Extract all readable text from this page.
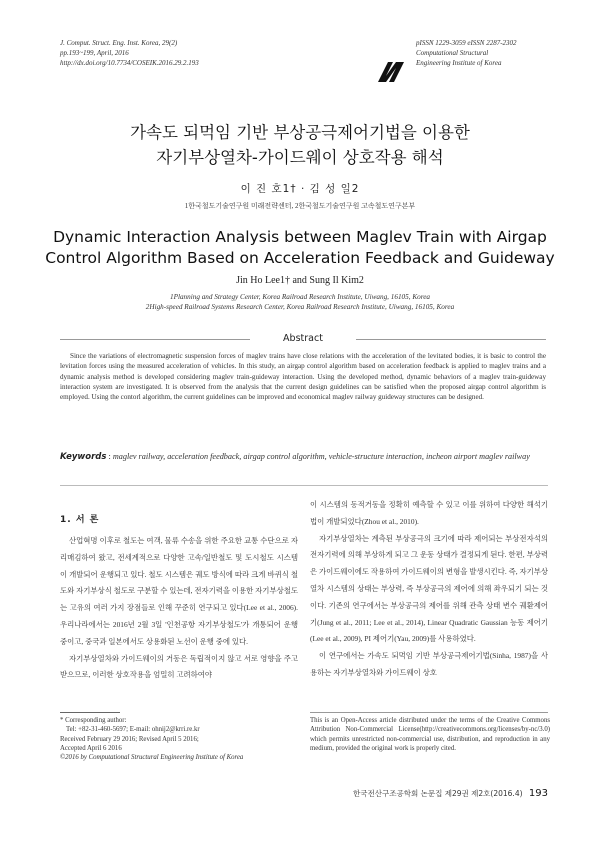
J. Comput. Struct. Eng. Inst. Korea, 29(2)
pp.193~199, April, 2016
http://dx.doi.org/10.7734/COSEIK.2016.29.2.193
pISSN 1229-3059 eISSN 2287-2302
Computational Structural
Engineering Institute of Korea
가속도 되먹임 기반 부상공극제어기법을 이용한
자기부상열차-가이드웨이 상호작용 해석
이 진 호1† · 김 성 일2
1한국철도기술연구원 미래전략센터, 2한국철도기술연구원 고속철도연구본부
Dynamic Interaction Analysis between Maglev Train with Airgap
Control Algorithm Based on Acceleration Feedback and Guideway
Jin Ho Lee1† and Sung Il Kim2
1Planning and Strategy Center, Korea Railroad Research Institute, Uiwang, 16105, Korea
2High-speed Railroad Systems Research Center, Korea Railroad Research Institute, Uiwang, 16105, Korea
Abstract

Since the variations of electromagnetic suspension forces of maglev trains have close relations with the acceleration of the levitated bodies, it is basic to control the levitation forces using the measured acceleration of vehicles. In this study, an airgap control algorithm based on acceleration feedback is applied to maglev trains and a dynamic analysis method is developed considering maglev train-guideway interaction. Using the developed method, dynamic behaviors of a maglev train-guideway interaction system are investigated. It is observed from the analysis that the current design guidelines can be satisfied when the proposed airgap control algorithm is employed. Using the contorl algorithm, the current guidelines can be improved and economical maglev railway guideway structures can be designed.

Keywords : maglev railway, acceleration feedback, airgap control algorithm, vehicle-structure interaction, incheon airport maglev railway
1. 서 론

산업혁명 이후로 철도는 여객, 물류 수송을 위한 주요한 교통 수단으로 자리매김하여 왔고, 전세계적으로 다양한 고속/일반철도 및 도시철도 시스템이 개발되어 운행되고 있다. 철도 시스템은 궤도 방식에 따라 크게 바퀴식 철도와 자기부상식 철도로 구분할 수 있는데, 전자기력을 이용한 자기부상철도는 고유의 여러 가지 장점들로 인해 꾸준히 연구되고 있다(Lee et al., 2006). 우리나라에서는 2016년 2월 3일 '인천공항 자기부상철도'가 개통되어 운행 중이고, 중국과 일본에서도 상용화된 노선이 운행 중에 있다.

자기부상열차와 가이드웨이의 거동은 독립적이지 않고 서로 영향을 주고 받으므로, 이러한 상호작용을 엄밀히 고려하여야

이 시스템의 동적거동을 정확히 예측할 수 있고 이를 위하여 다양한 해석기법이 개발되었다(Zhou et al., 2010).

자기부상열차는 계측된 부상공극의 크기에 따라 제어되는 부상전자석의 전자기력에 의해 부상하게 되고 그 운동 상태가 결정되게 된다. 한편, 부상력은 가이드웨이에도 작용하여 가이드웨이의 변형을 발생시킨다. 즉, 자기부상열차 시스템의 상태는 부상력, 즉 부상공극의 제어에 의해 좌우되기 되는 것이다. 기존의 연구에서는 부상공극의 제어를 위해 관측 상태 변수 궤환제어기(Jung et al., 2011; Lee et al., 2014), Linear Quadratic Gaussian 능동 제어기(Lee et al., 2009), PI 제어기(Yau, 2009)를 사용하였다.

이 연구에서는 가속도 되먹임 기반 부상공극제어기법(Sinha, 1987)을 사용하는 자기부상열차와 가이드웨이 상호

* Corresponding author:
Tel: +82-31-460-5697; E-mail: ohnij2@krri.re.kr
Received February 29 2016; Revised April 5 2016;
Accepted April 6 2016
©2016 by Computational Structural Engineering Institute of Korea
This is an Open-Access article distributed under the terms of the Creative Commons Attribution Non-Commercial License(http://creativecommons.org/licenses/by-nc/3.0) which permits unrestricted non-commercial use, distribution, and reproduction in any medium, provided the original work is properly cited.
한국전산구조공학회 논문집 제29권 제2호(2016.4) 193
